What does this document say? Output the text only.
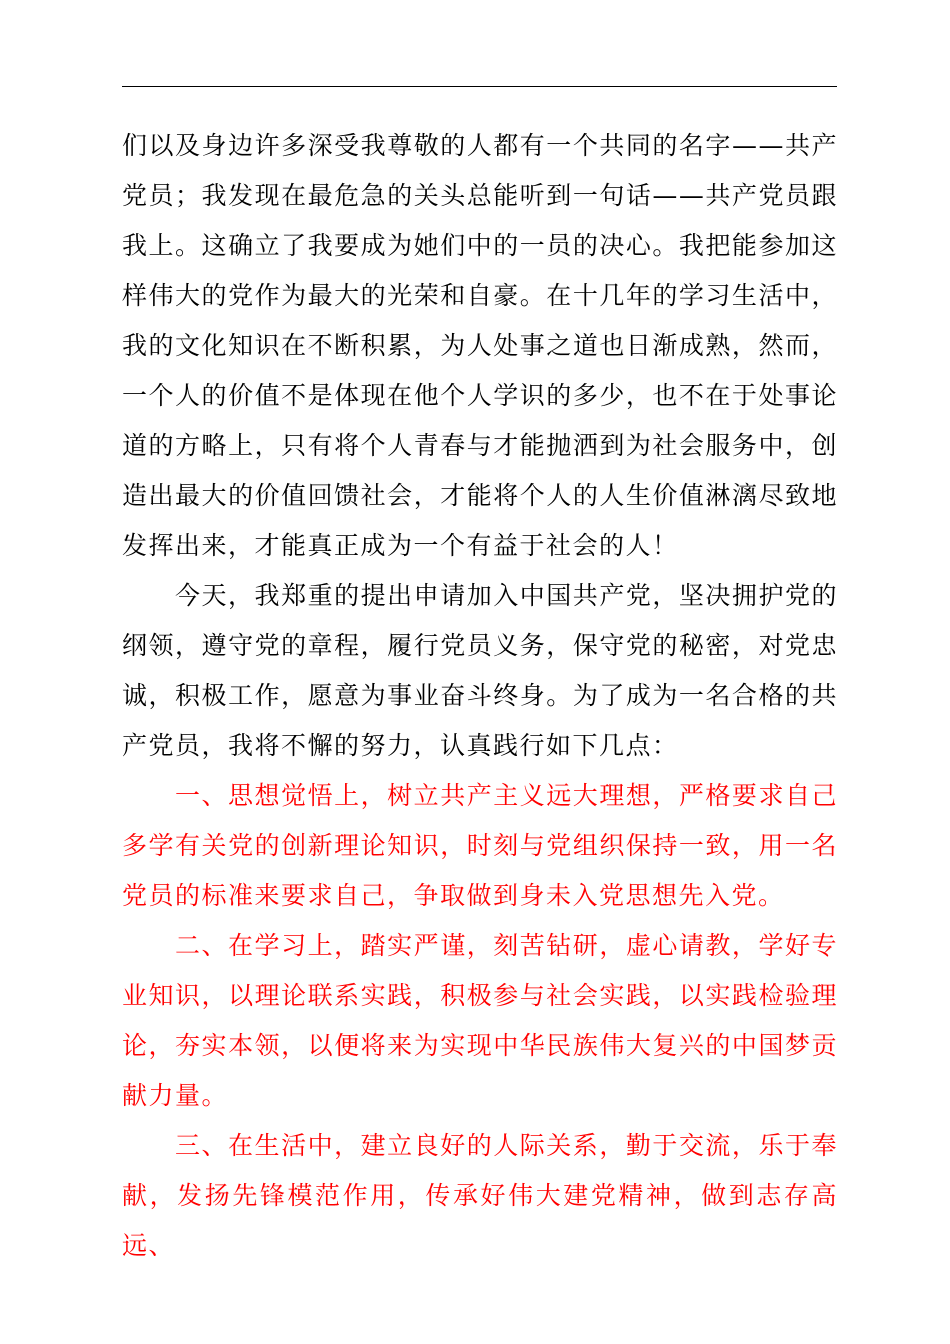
们以及身边许多深受我尊敬的人都有一个共同的名字——共产党员；我发现在最危急的关头总能听到一句话——共产党员跟我上。这确立了我要成为她们中的一员的决心。我把能参加这样伟大的党作为最大的光荣和自豪。在十几年的学习生活中，我的文化知识在不断积累，为人处事之道也日渐成熟，然而，一个人的价值不是体现在他个人学识的多少，也不在于处事论道的方略上，只有将个人青春与才能抛洒到为社会服务中，创造出最大的价值回馈社会，才能将个人的人生价值淋漓尽致地发挥出来，才能真正成为一个有益于社会的人！

今天，我郑重的提出申请加入中国共产党，坚决拥护党的纲领，遵守党的章程，履行党员义务，保守党的秘密，对党忠诚，积极工作，愿意为事业奋斗终身。为了成为一名合格的共产党员，我将不懈的努力，认真践行如下几点：

一、思想觉悟上，树立共产主义远大理想，严格要求自己多学有关党的创新理论知识，时刻与党组织保持一致，用一名党员的标准来要求自己，争取做到身未入党思想先入党。

二、在学习上，踏实严谨，刻苦钻研，虚心请教，学好专业知识，以理论联系实践，积极参与社会实践，以实践检验理论，夯实本领，以便将来为实现中华民族伟大复兴的中国梦贡献力量。

三、在生活中，建立良好的人际关系，勤于交流，乐于奉献，发扬先锋模范作用，传承好伟大建党精神，做到志存高远、
